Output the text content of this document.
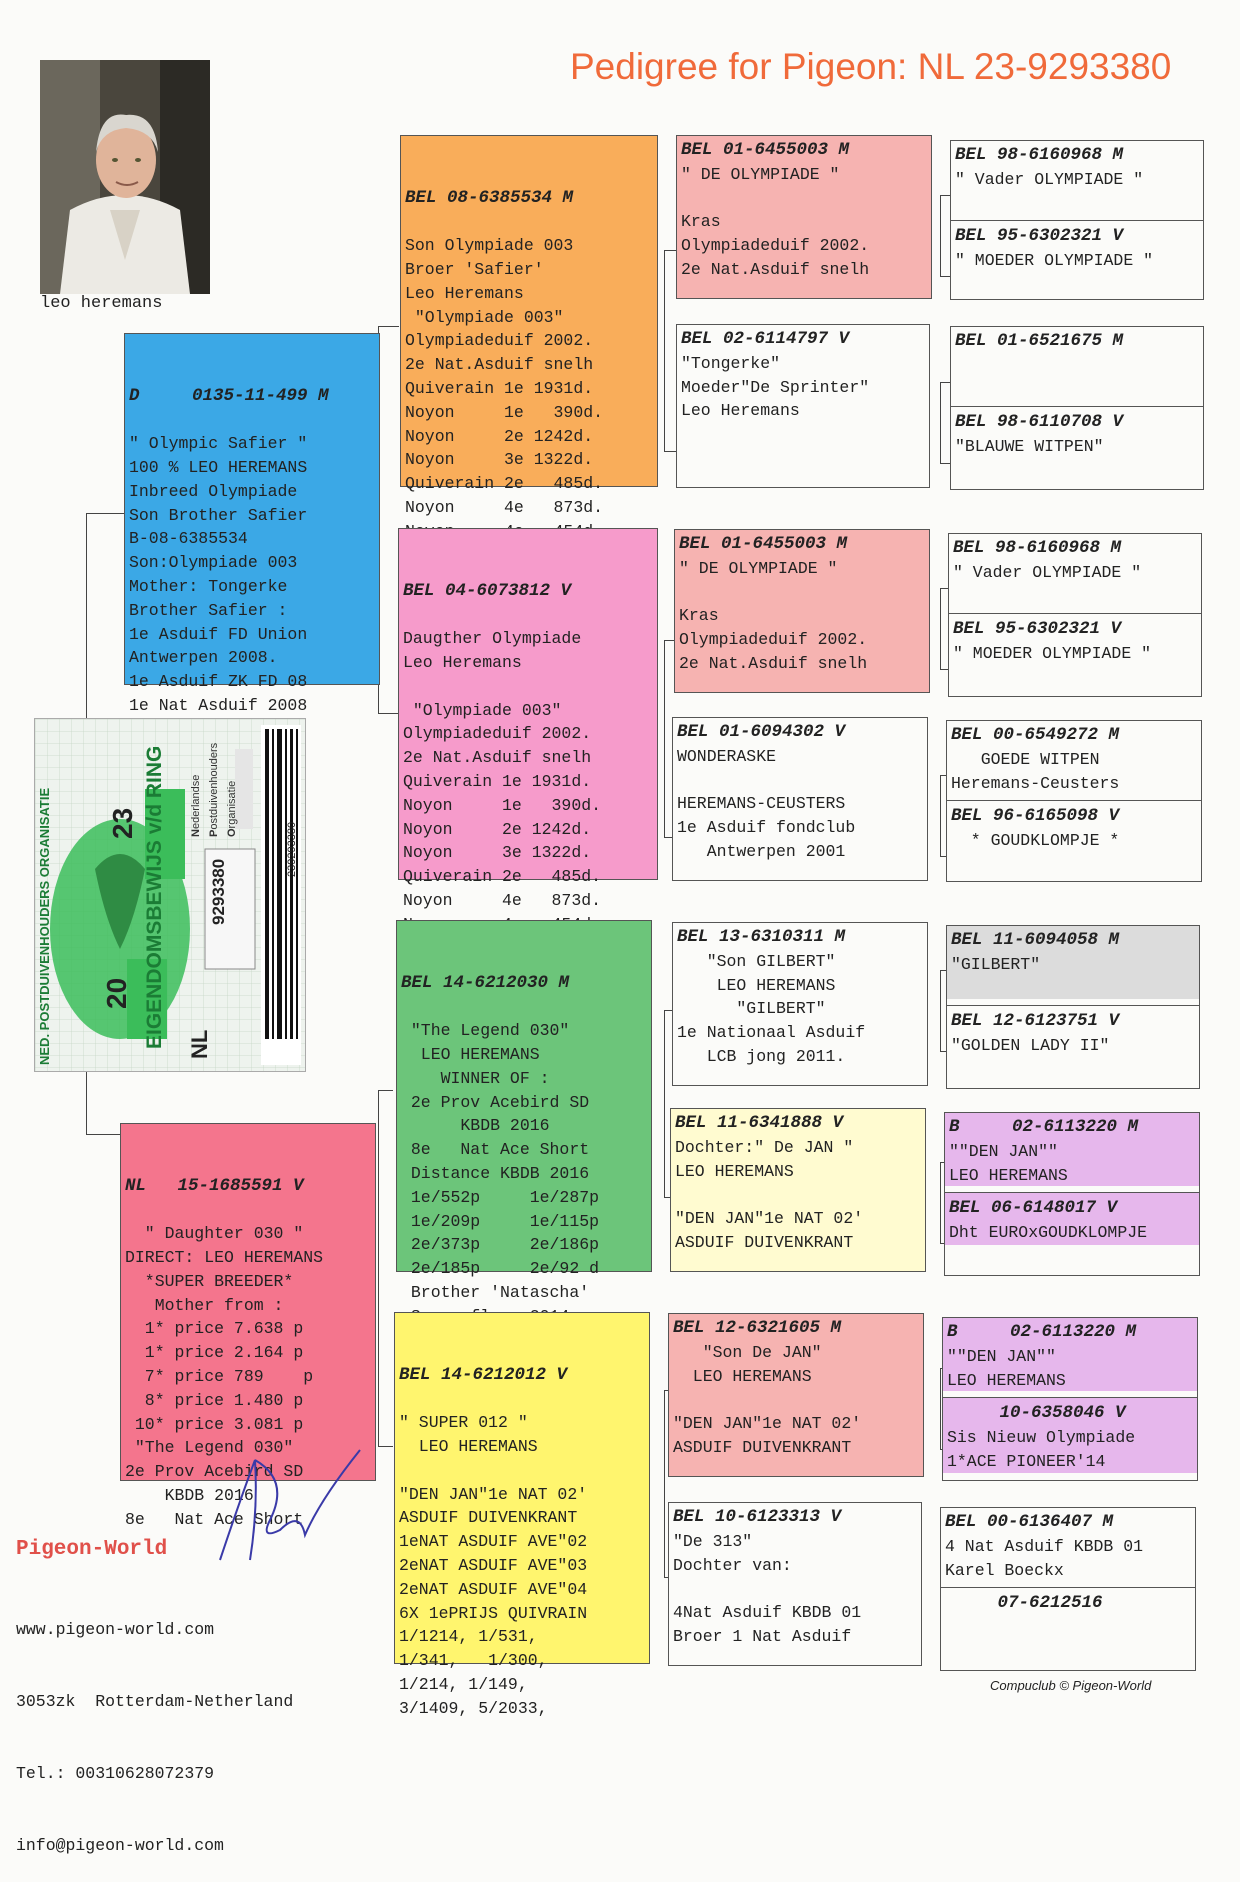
Pedigree for Pigeon: NL 23-9293380
leo heremans

D     0135-11-499 M

" Olympic Safier "
100 % LEO HEREMANS
Inbreed Olympiade
Son Brother Safier
B-08-6385534
Son:Olympiade 003
Mother: Tongerke
Brother Safier :
1e Asduif FD Union
Antwerpen 2008.
1e Asduif ZK FD 08
1e Nat Asduif 2008

NL   15-1685591 V

" Daughter 030 "
DIRECT: LEO HEREMANS
*SUPER BREEDER*
Mother from :
1* price 7.638 p
1* price 2.164 p
7* price 789    p
8* price 1.480 p
10* price 3.081 p
"The Legend 030"
2e Prov Acebird SD
KBDB 2016
8e   Nat Ace Short

BEL 08-6385534 M

Son Olympiade 003
Broer 'Safier'
Leo Heremans
"Olympiade 003"
Olympiadeduif 2002.
2e Nat.Asduif snelh
Quiverain 1e 1931d.
Noyon     1e   390d.
Noyon     2e 1242d.
Noyon     3e 1322d.
Quiverain 2e   485d.
Noyon     4e   873d.

BEL 04-6073812 V

Daugther Olympiade
Leo Heremans
"Olympiade 003"
Olympiadeduif 2002.
2e Nat.Asduif snelh
Quiverain 1e 1931d.
Noyon     1e   390d.
Noyon     2e 1242d.
Noyon     3e 1322d.
Quiverain 2e   485d.
Noyon     4e   873d.

BEL 14-6212030 M

"The Legend 030"
LEO HEREMANS
WINNER OF :
2e Prov Acebird SD
KBDB 2016
8e   Nat Ace Short
Distance KBDB 2016
1e/552p     1e/287p
1e/209p     1e/115p
2e/373p     2e/186p
2e/185p     2e/92 d
Brother 'Natascha'

BEL 14-6212012 V

" SUPER 012 "
LEO HEREMANS
"DEN JAN"1e NAT 02'
ASDUIF DUIVENKRANT
1eNAT ASDUIF AVE"02
2eNAT ASDUIF AVE"03
2eNAT ASDUIF AVE"04
6X 1ePRIJS QUIVRAIN
1/1214, 1/531,
1/341,   1/300,
1/214, 1/149,
3/1409, 5/2033,
BEL 01-6455003 M
" DE OLYMPIADE "
Kras
Olympiadeduif 2002.
2e Nat.Asduif snelh
BEL 02-6114797 V
"Tongerke"
Moeder"De Sprinter"
Leo Heremans
BEL 01-6455003 M
" DE OLYMPIADE "
Kras
Olympiadeduif 2002.
2e Nat.Asduif snelh
BEL 01-6094302 V
WONDERASKE
HEREMANS-CEUSTERS
1e Asduif fondclub
Antwerpen 2001
BEL 13-6310311 M
"Son GILBERT"
LEO HEREMANS
"GILBERT"
1e Nationaal Asduif
LCB jong 2011.
BEL 11-6341888 V
Dochter:" De JAN "
LEO HEREMANS
"DEN JAN"1e NAT 02'
ASDUIF DUIVENKRANT
BEL 12-6321605 M
"Son De JAN"
LEO HEREMANS
"DEN JAN"1e NAT 02'
ASDUIF DUIVENKRANT
BEL 10-6123313 V
"De 313"
Dochter van:
4Nat Asduif KBDB 01
Broer 1 Nat Asduif
BEL 98-6160968 M
" Vader OLYMPIADE "
BEL 95-6302321 V
" MOEDER OLYMPIADE "
BEL 01-6521675 M
BEL 98-6110708 V
"BLAUWE WITPEN"
BEL 98-6160968 M
" Vader OLYMPIADE "
BEL 95-6302321 V
" MOEDER OLYMPIADE "
BEL 00-6549272 M
GOEDE WITPEN
Heremans-Ceusters
BEL 96-6165098 V
* GOUDKLOMPJE *
BEL 11-6094058 M
"GILBERT"
BEL 12-6123751 V
"GOLDEN LADY II"
B     02-6113220 M
""DEN JAN""
LEO HEREMANS
BEL 06-6148017 V
Dht EUROxGOUDKLOMPJE
B     02-6113220 M
""DEN JAN""
LEO HEREMANS
10-6358046 V
Sis Nieuw Olympiade
1*ACE PIONEER'14
BEL 00-6136407 M
4 Nat Asduif KBDB 01
Karel Boeckx
07-6212516
NED. POSTDUIVENHOUDERS ORGANISATIE	EIGENDOMSBEWIJS v/d RING
20
23
NL
9293380
239293380
Nederlandse
Postduivenhouders
Organisatie
Pigeon-World

www.pigeon-world.com

3053zk  Rotterdam-Netherland

Tel.: 00310628072379

info@pigeon-world.com

Compuclub © Pigeon-World
